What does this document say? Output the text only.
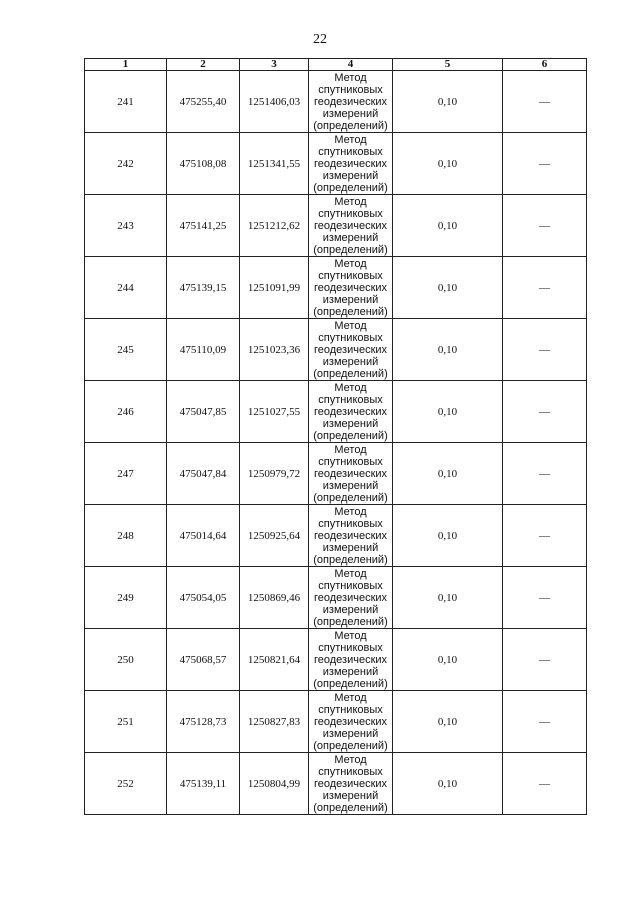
22
1	2	3	4	5	6
241	475255,40	1251406,03	Метод
спутниковых
геодезических
измерений
(определений)	0,10	—
242	475108,08	1251341,55	Метод
спутниковых
геодезических
измерений
(определений)	0,10	—
243	475141,25	1251212,62	Метод
спутниковых
геодезических
измерений
(определений)	0,10	—
244	475139,15	1251091,99	Метод
спутниковых
геодезических
измерений
(определений)	0,10	—
245	475110,09	1251023,36	Метод
спутниковых
геодезических
измерений
(определений)	0,10	—
246	475047,85	1251027,55	Метод
спутниковых
геодезических
измерений
(определений)	0,10	—
247	475047,84	1250979,72	Метод
спутниковых
геодезических
измерений
(определений)	0,10	—
248	475014,64	1250925,64	Метод
спутниковых
геодезических
измерений
(определений)	0,10	—
249	475054,05	1250869,46	Метод
спутниковых
геодезических
измерений
(определений)	0,10	—
250	475068,57	1250821,64	Метод
спутниковых
геодезических
измерений
(определений)	0,10	—
251	475128,73	1250827,83	Метод
спутниковых
геодезических
измерений
(определений)	0,10	—
252	475139,11	1250804,99	Метод
спутниковых
геодезических
измерений
(определений)	0,10	—
